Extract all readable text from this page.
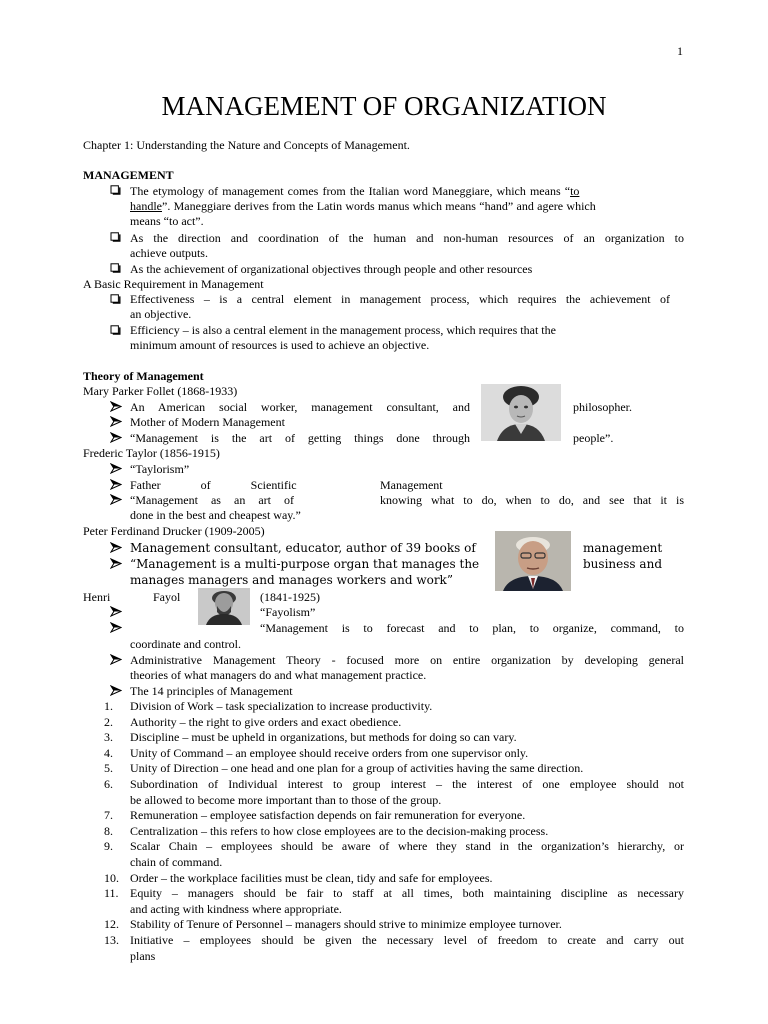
1
MANAGEMENT OF ORGANIZATION
Chapter 1: Understanding the Nature and Concepts of Management.
MANAGEMENT
The etymology of management comes from the Italian word Maneggiare, which means “ to
handle ”. Maneggiare derives from the Latin words manus which means “hand” and agere which
means “to act”.
As the direction and coordination of the human and non-human resources of an organization to
achieve outputs.
As the achievement of organizational objectives through people and other resources
A Basic Requirement in Management
Effectiveness – is a central element in management process, which requires the achievement of
an objective.
Efficiency – is also a central element in the management process, which requires that the
minimum amount of resources is used to achieve an objective.
Theory of Management
Mary Parker Follet (1868-1933)
An American social worker, management consultant, and	philosopher.
Mother of Modern Management
“Management is the art of getting things done through	people”.
Frederic Taylor (1856-1915)
“Taylorism”
Father of Scientific	Management
“Management as an art of	knowing what to do, when to do, and see that it is
done in the best and cheapest way.”
Peter Ferdinand Drucker (1909-2005)
Management consultant, educator, author of 39 books of	management
“Management is a multi-purpose organ that manages the	business and
manages managers and manages workers and work”
Henri	Fayol	(1841-1925)
“Fayolism”
“Management is to forecast and to plan, to organize, command, to
coordinate and control.
Administrative Management Theory - focused more on entire organization by developing general
theories of what managers do and what management practice.
The 14 principles of Management
1. Division of Work – task specialization to increase productivity.
2. Authority – the right to give orders and exact obedience.
3. Discipline – must be upheld in organizations, but methods for doing so can vary.
4. Unity of Command – an employee should receive orders from one supervisor only.
5. Unity of Direction – one head and one plan for a group of activities having the same direction.
6. Subordination of Individual interest to group interest – the interest of one employee should not
be allowed to become more important than to those of the group.
7. Remuneration – employee satisfaction depends on fair remuneration for everyone.
8. Centralization – this refers to how close employees are to the decision-making process.
9. Scalar Chain – employees should be aware of where they stand in the organization’s hierarchy, or
chain of command.
10. Order – the workplace facilities must be clean, tidy and safe for employees.
11. Equity – managers should be fair to staff at all times, both maintaining discipline as necessary
and acting with kindness where appropriate.
12. Stability of Tenure of Personnel – managers should strive to minimize employee turnover.
13. Initiative – employees should be given the necessary level of freedom to create and carry out
plans
